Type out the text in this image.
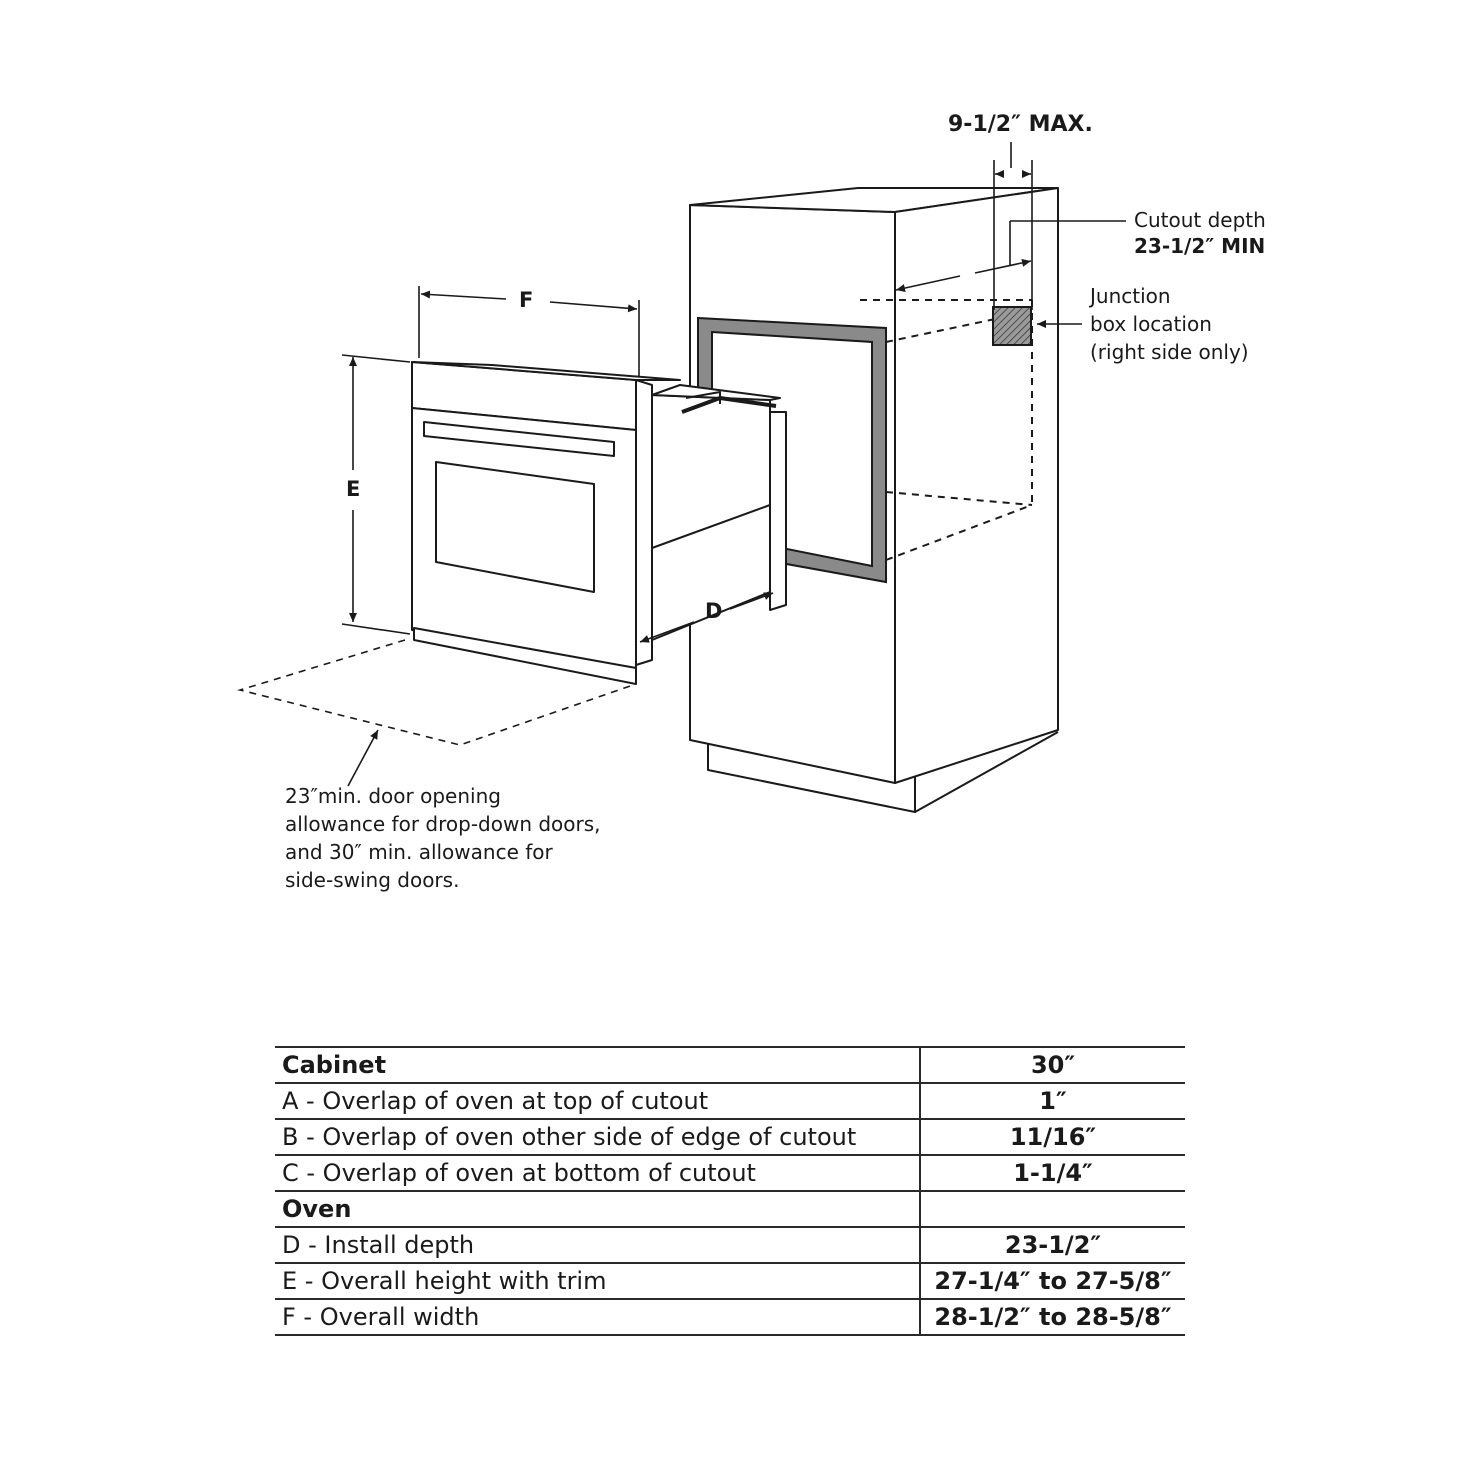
9-1/2″ MAX.
Cutout depth
23-1/2″ MIN
Junction
box location
(right side only)
F
E
D
23″min. door opening
allowance for drop-down doors,
and 30″ min. allowance for
side-swing doors.
Cabinet	30″
A - Overlap of oven at top of cutout	1″
B - Overlap of oven other side of edge of cutout	11/16″
C - Overlap of oven at bottom of cutout	1-1/4″
Oven	
D - Install depth	23-1/2″
E - Overall height with trim	27-1/4″ to 27-5/8″
F - Overall width	28-1/2″ to 28-5/8″
